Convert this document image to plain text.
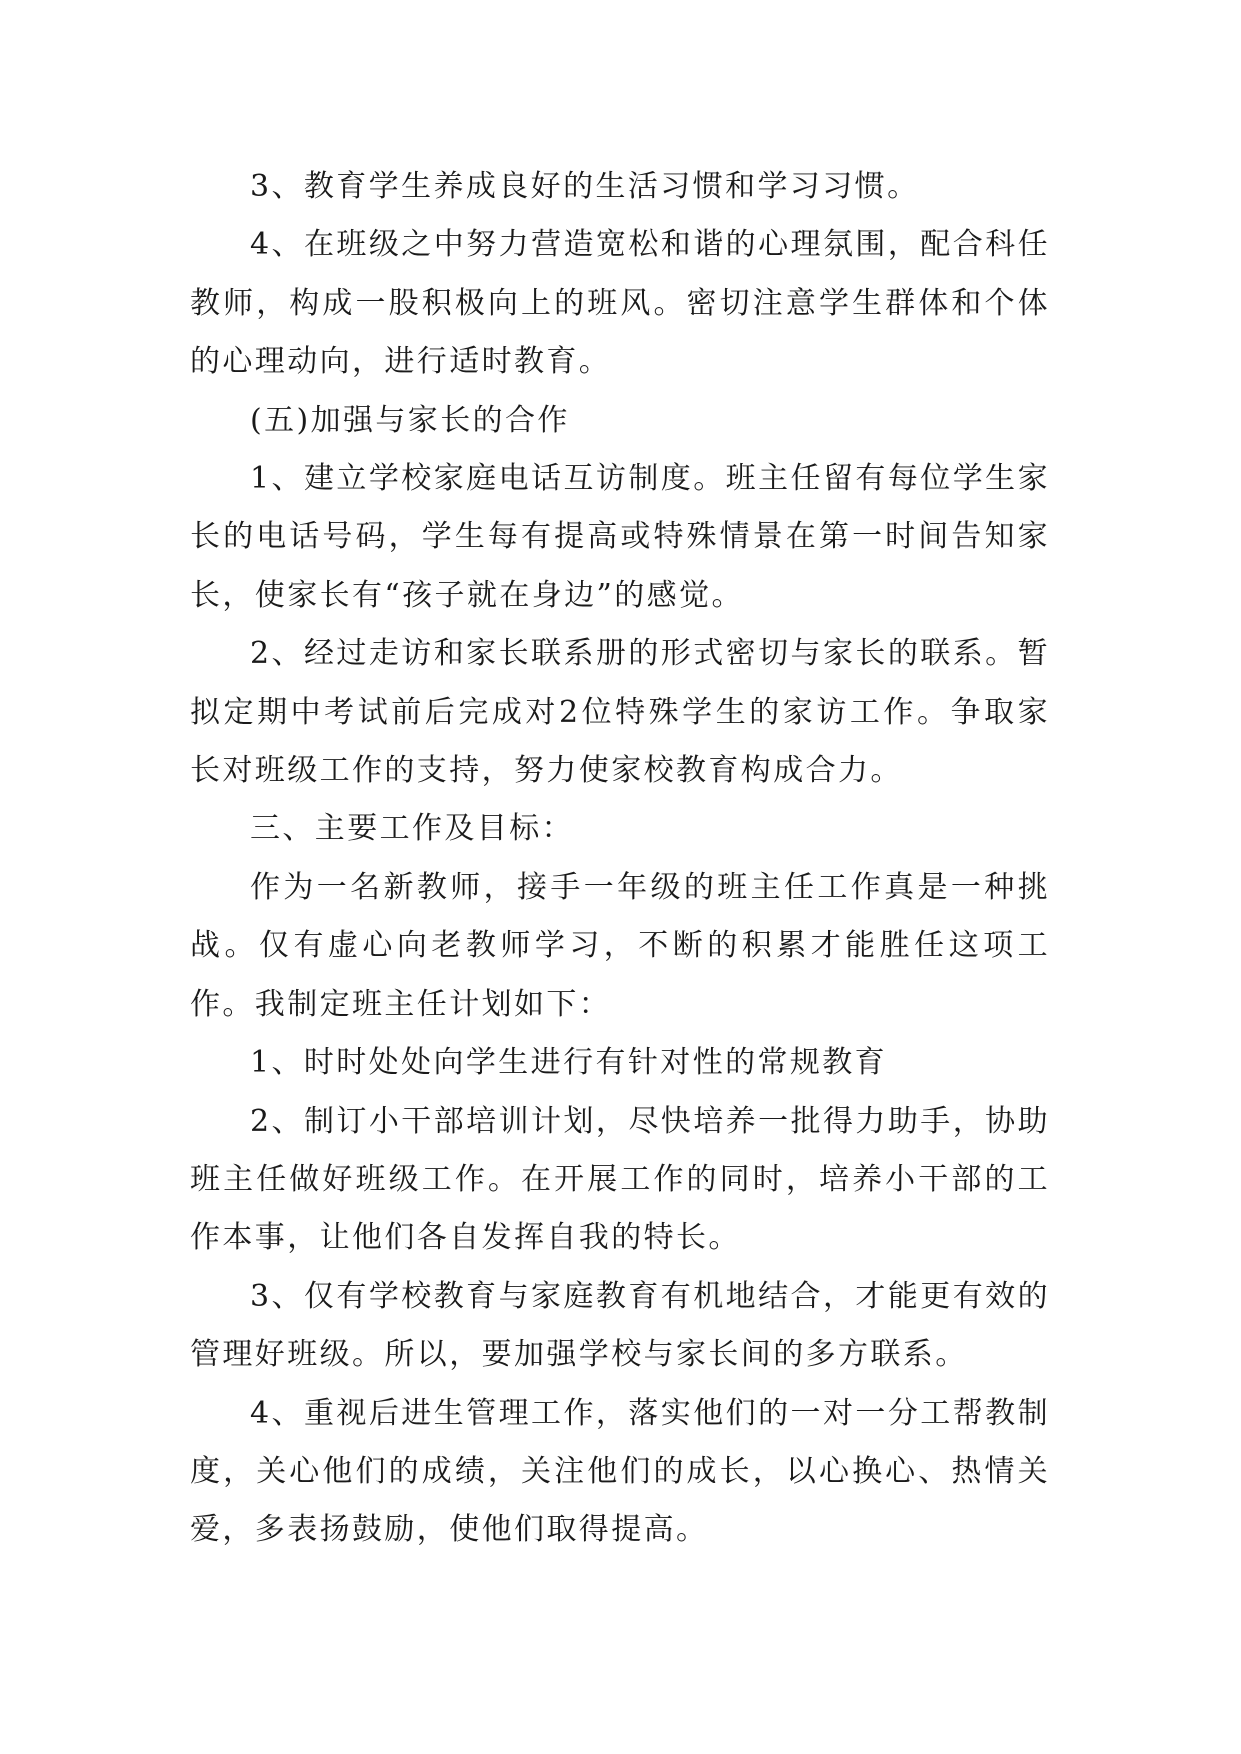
3、教育学生养成良好的生活习惯和学习习惯。

4、在班级之中努力营造宽松和谐的心理氛围，配合科任教师，构成一股积极向上的班风。密切注意学生群体和个体的心理动向，进行适时教育。

(五)加强与家长的合作

1、建立学校家庭电话互访制度。班主任留有每位学生家长的电话号码，学生每有提高或特殊情景在第一时间告知家长，使家长有“孩子就在身边”的感觉。

2、经过走访和家长联系册的形式密切与家长的联系。暂拟定期中考试前后完成对2位特殊学生的家访工作。争取家长对班级工作的支持，努力使家校教育构成合力。

三、主要工作及目标：

作为一名新教师，接手一年级的班主任工作真是一种挑战。仅有虚心向老教师学习，不断的积累才能胜任这项工作。我制定班主任计划如下：

1、时时处处向学生进行有针对性的常规教育

2、制订小干部培训计划，尽快培养一批得力助手，协助班主任做好班级工作。在开展工作的同时，培养小干部的工作本事，让他们各自发挥自我的特长。

3、仅有学校教育与家庭教育有机地结合，才能更有效的管理好班级。所以，要加强学校与家长间的多方联系。

4、重视后进生管理工作，落实他们的一对一分工帮教制度，关心他们的成绩，关注他们的成长，以心换心、热情关爱，多表扬鼓励，使他们取得提高。
